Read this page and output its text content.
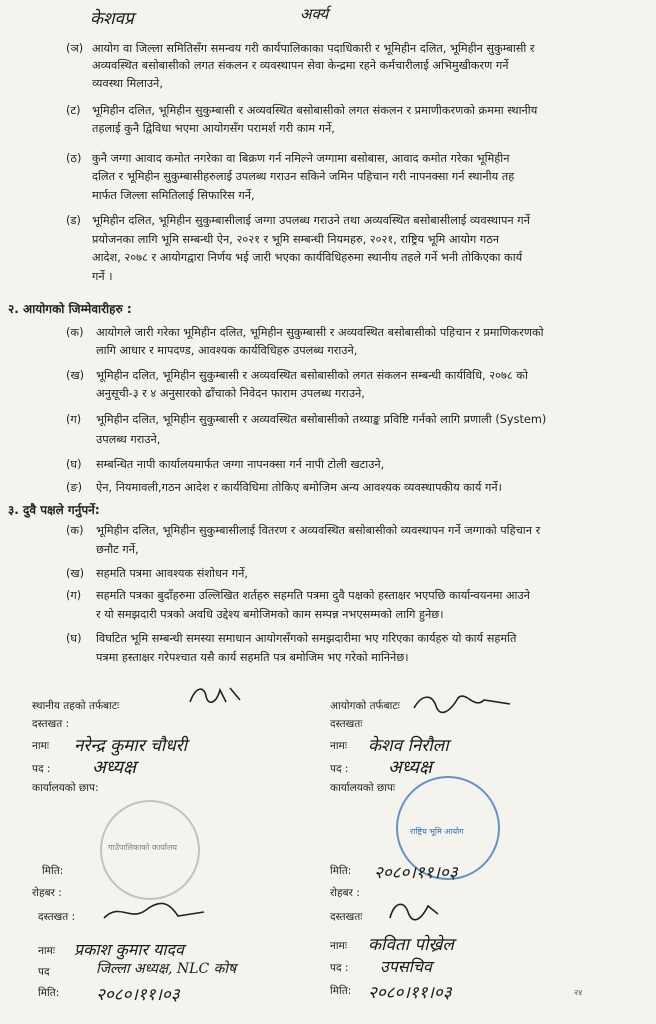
केशवप्र	अर्क्य
(ञ) आयोग वा जिल्ला समितिसँग समन्वय गरी कार्यपालिकाका पदाधिकारी र भूमिहीन दलित, भूमिहीन सुकुम्बासी र
अव्यवस्थित बसोबासीको लगत संकलन र व्यवस्थापन सेवा केन्द्रमा रहने कर्मचारीलाई अभिमुखीकरण गर्ने
व्यवस्था मिलाउने,
(ट) भूमिहीन दलित, भूमिहीन सुकुम्बासी र अव्यवस्थित बसोबासीको लगत संकलन र प्रमाणीकरणको क्रममा स्थानीय
तहलाई कुनै द्विविधा भएमा आयोगसँग परामर्श गरी काम गर्ने,
(ठ) कुनै जग्गा आवाद कमोत नगरेका वा बिक्रण गर्न नमिल्ने जग्गामा बसोबास, आवाद कमोत गरेका भूमिहीन
दलित र भूमिहीन सुकुम्बासीहरुलाई उपलब्ध गराउन सकिने जमिन पहिचान गरी नापनक्सा गर्न स्थानीय तह
मार्फत जिल्ला समितिलाई सिफारिस गर्ने,
(ड) भूमिहीन दलित, भूमिहीन सुकुम्बासीलाई जग्गा उपलब्ध गराउने तथा अव्यवस्थित बसोबासीलाई व्यवस्थापन गर्ने
प्रयोजनका लागि भूमि सम्बन्धी ऐन, २०२१ र भूमि सम्बन्धी नियमहरु, २०२१, राष्ट्रिय भूमि आयोग गठन
आदेश, २०७८ र आयोगद्वारा निर्णय भई जारी भएका कार्यविधिहरुमा स्थानीय तहले गर्ने भनी तोकिएका कार्य
गर्ने ।
२. आयोगको जिम्मेवारीहरु :
(क) आयोगले जारी गरेका भूमिहीन दलित, भूमिहीन सुकुम्बासी र अव्यवस्थित बसोबासीको पहिचान र प्रमाणिकरणको
लागि आधार र मापदण्ड, आवश्यक कार्यविधिहरु उपलब्ध गराउने,
(ख) भूमिहीन दलित, भूमिहीन सुकुम्बासी र अव्यवस्थित बसोबासीको लगत संकलन सम्बन्धी कार्यविधि, २०७८ को
अनुसूची-३ र ४ अनुसारको ढाँचाको निवेदन फाराम उपलब्ध गराउने,
(ग) भूमिहीन दलित, भूमिहीन सुकुम्बासी र अव्यवस्थित बसोबासीको तथ्याङ्क प्रविष्टि गर्नको लागि प्रणाली (System)
उपलब्ध गराउने,
(घ) सम्बन्धित नापी कार्यालयमार्फत जग्गा नापनक्सा गर्न नापी टोली खटाउने,
(ङ) ऐन, नियमावली,गठन आदेश र कार्यविधिमा तोकिए बमोजिम अन्य आवश्यक व्यवस्थापकीय कार्य गर्ने।
३. दुवै पक्षले गर्नुपर्ने:
(क) भूमिहीन दलित, भूमिहीन सुकुम्बासीलाई वितरण र अव्यवस्थित बसोबासीको व्यवस्थापन गर्ने जग्गाको पहिचान र
छनौट गर्ने,
(ख) सहमति पत्रमा आवश्यक संशोधन गर्ने,
(ग) सहमति पत्रका बुदाँहरुमा उल्लिखित शर्तहरु सहमति पत्रमा दुवै पक्षको हस्ताक्षर भएपछि कार्यान्वयनमा आउने
र यो समझदारी पत्रको अवधि उद्देश्य बमोजिमको काम सम्पन्न नभएसम्मको लागि हुनेछ।
(घ) विघटित भूमि सम्बन्धी समस्या समाधान आयोगसँगको समझदारीमा भए गरिएका कार्यहरु यो कार्य सहमति
पत्रमा हस्ताक्षर गरेपश्चात यसै कार्य सहमति पत्र बमोजिम भए गरेको मानिनेछ।
स्थानीय तहको तर्फबाटः
दस्तखत :
नामः नरेन्द्र कुमार चौधरी
पद : अध्यक्ष
कार्यालयको छाप:
गाउँपालिकाको कार्यालय
मिति:
रोहबर :
दस्तखत :
नामः प्रकाश कुमार यादव
पद	जिल्ला अध्यक्ष, NLC कोष
मिति: २०८०।११।०३
आयोगको तर्फबाटः
दस्तखतः
नामः केशव निरौला
पद : अध्यक्ष
कार्यालयको छापः
राष्ट्रिय भूमि आयोग
मिति: २०८०।११।०३
रोहबर :
दस्तखतः
नामः कविता पोख्रेल
पद : उपसचिव
मिति: २०८०।११।०३	२४
